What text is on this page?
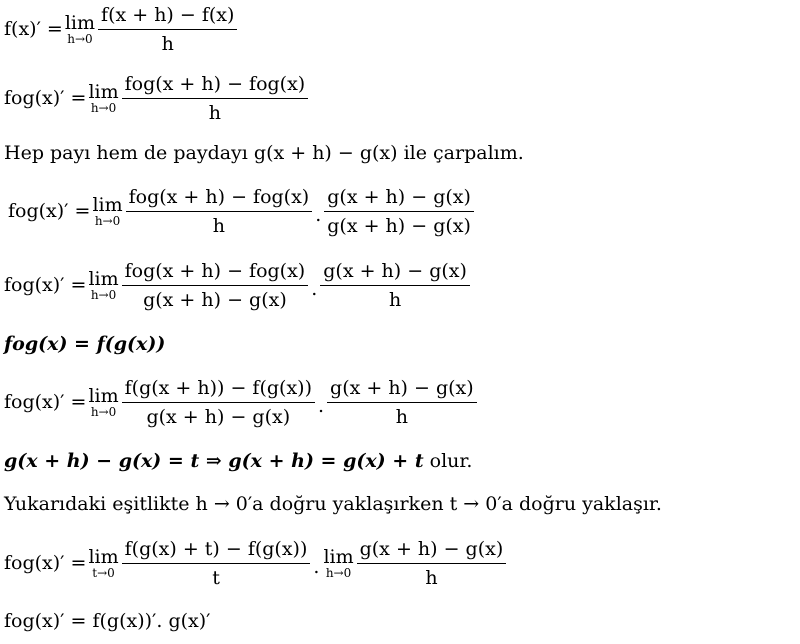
f(x)′ = lim
$h\to 0 \frac{f(x + h) - f(x)}{h}$
fog(x)′ = lim
$h\to 0 \frac{\text{fog(x + h) − fog(x)}}{h}$
Hep payı hem de paydayı g(x + h) − g(x) ile çarpalım.
fog(x)′ = lim
$h\to 0 \frac{\text{fog(x + h) − fog(x)}}{h}$ . $\frac{g(x + h) - g(x)}{g(x + h) - g(x)}$
fog(x)′ = lim
$h\to 0 \frac{\text{fog(x + h) − fog(x)}}{g(x + h) - g(x)}$ . $\frac{g(x + h) - g(x)}{h}$
fog(x) = f(g(x))
fog(x)′ = lim
$h\to 0 \frac{f(g(x + h)) - f(g(x))}{g(x + h) - g(x)}$ . $\frac{g(x + h) - g(x)}{h}$
g(x + h) − g(x) = t ⇒ g(x + h) = g(x) + t olur.
Yukarıdaki eşitlikte h → 0′a doğru yaklaşırken t → 0′a doğru yaklaşır.
fog(x)′ = lim
$t\to 0 \frac{f(g(x) + t) - f(g(x))}{t}$ . lim
$h\to 0 \frac{g(x + h) - g(x)}{h}$
fog(x)′ = f(g(x))′. g(x)′
